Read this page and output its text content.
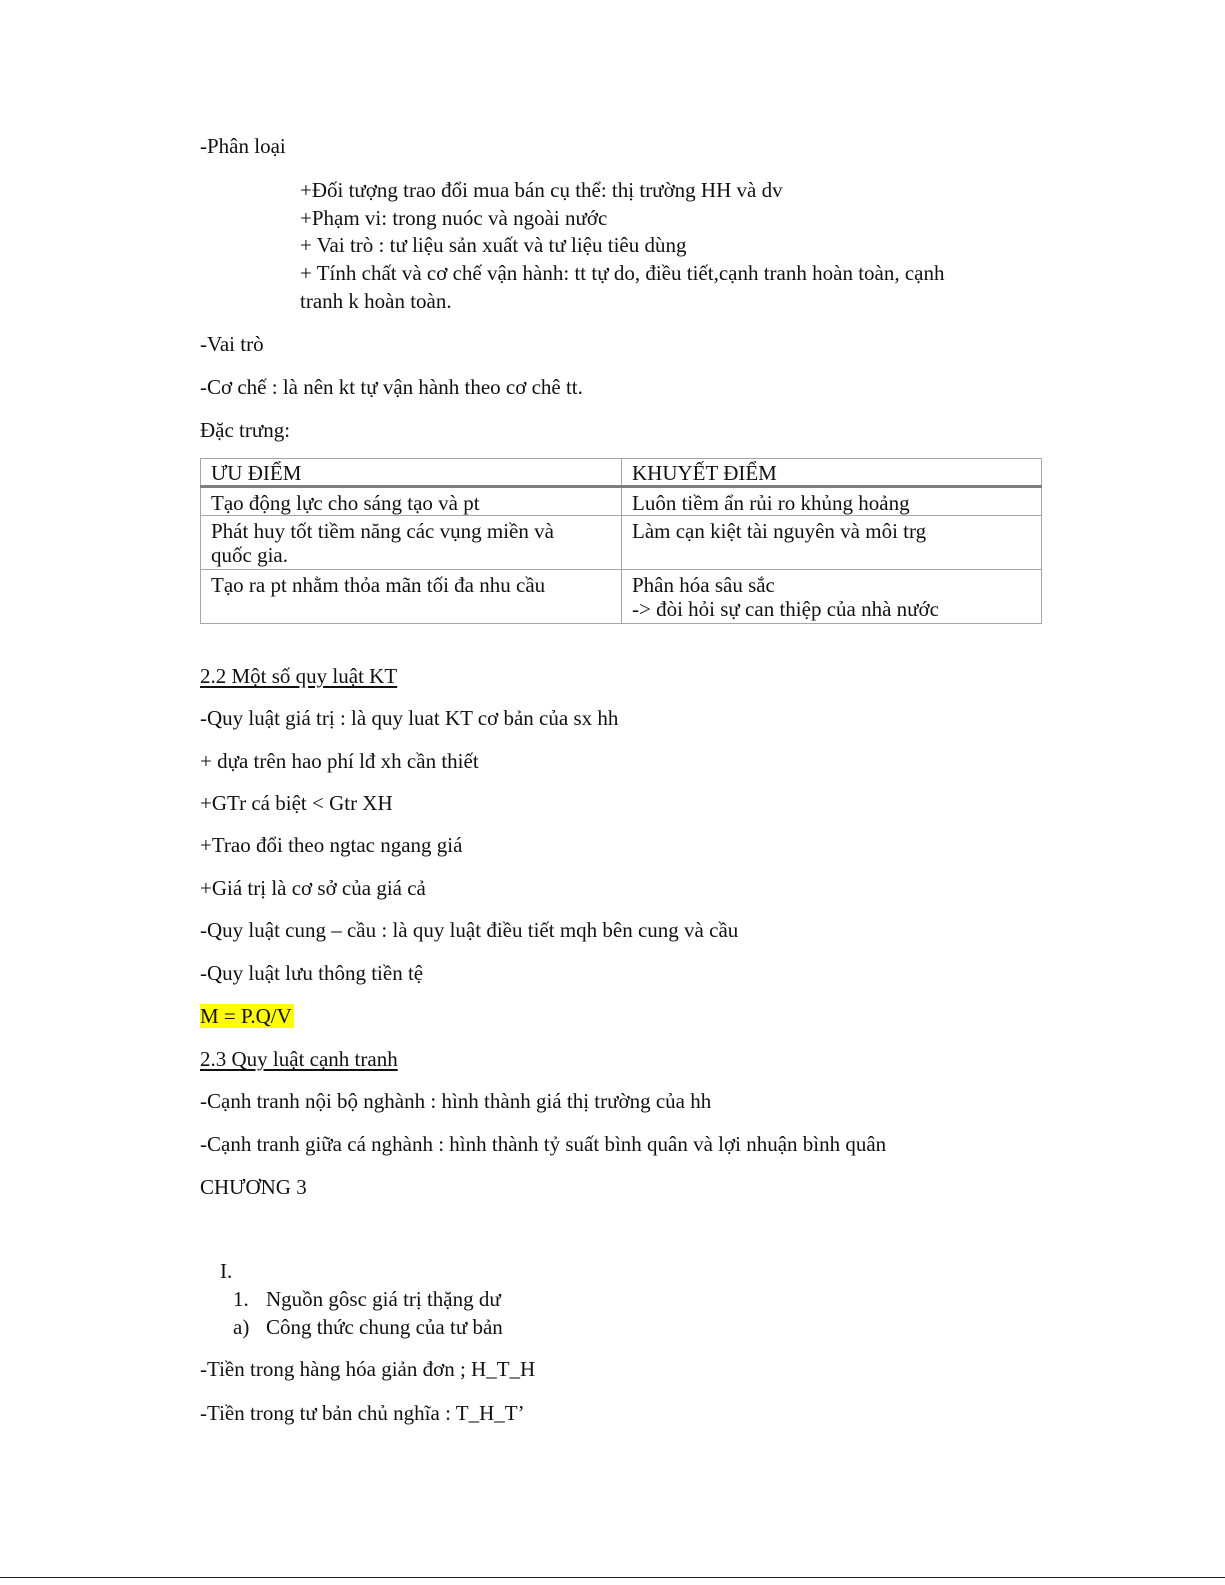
-Phân loại
+Đối tượng trao đổi mua bán cụ thể: thị trường HH và dv
+Phạm vi: trong nuóc và ngoài nước
+ Vai trò : tư liệu sản xuất và tư liệu tiêu dùng
+ Tính chất và cơ chế vận hành: tt tự do, điều tiết,cạnh tranh hoàn toàn, cạnh
tranh k hoàn toàn.
-Vai trò
-Cơ chế : là nên kt tự vận hành theo cơ chê tt.
Đặc trưng:
ƯU ĐIỂM	KHUYẾT ĐIỂM

Tạo động lực cho sáng tạo và pt	Luôn tiềm ẩn rủi ro khủng hoảng

Phát huy tốt tiềm năng các vụng miền và
quốc gia.	Làm cạn kiệt tài nguyên và môi trg

Tạo ra pt nhằm thỏa mãn tối đa nhu cầu	Phân hóa sâu sắc
-> đòi hỏi sự can thiệp của nhà nước
2.2 Một số quy luật KT
-Quy luật giá trị : là quy luat KT cơ bản của sx hh
+ dựa trên hao phí lđ xh cần thiết
+GTr cá biệt < Gtr XH
+Trao đổi theo ngtac ngang giá
+Giá trị là cơ sở của giá cả
-Quy luật cung – cầu : là quy luật điều tiết mqh bên cung và cầu
-Quy luật lưu thông tiền tệ
M = P.Q/V
2.3 Quy luật cạnh tranh
-Cạnh tranh nội bộ nghành : hình thành giá thị trường của hh
-Cạnh tranh giữa cá nghành : hình thành tỷ suất bình quân và lợi nhuận bình quân
CHƯƠNG 3
I.
1. Nguồn gôsc giá trị thặng dư
a) Công thức chung của tư bản
-Tiền trong hàng hóa giản đơn ; H_T_H
-Tiền trong tư bản chủ nghĩa : T_H_T’
